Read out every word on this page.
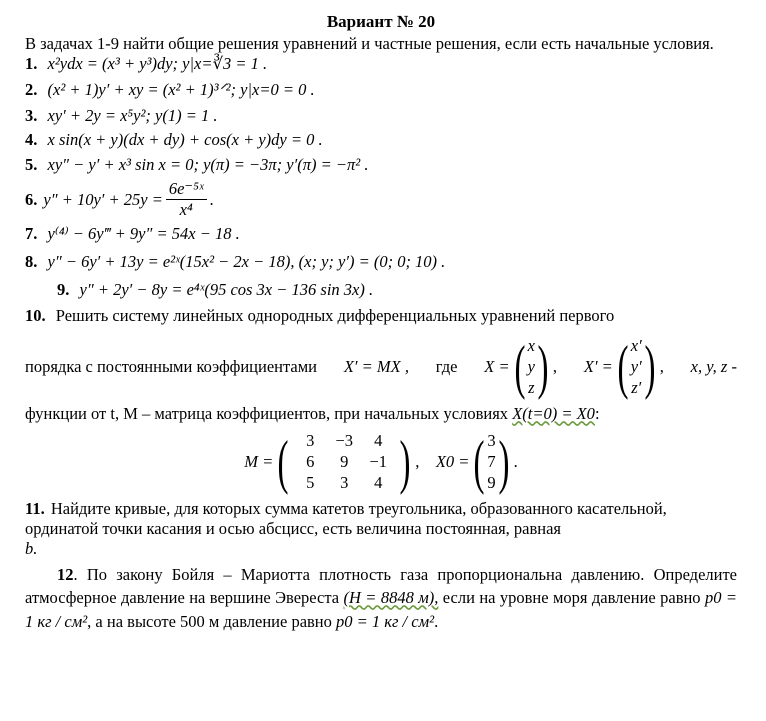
Вариант № 20

В задачах 1-9 найти общие решения уравнений и частные решения, если есть начальные условия.

1. x²ydx = (x³ + y³)dy; y|x=∛3 = 1 .

2. (x² + 1)y′ + xy = (x² + 1)³ᐟ²; y|x=0 = 0 .

3. xy′ + 2y = x⁵y²; y(1) = 1 .

4. x sin(x + y)(dx + dy) + cos(x + y)dy = 0 .

5. xy″ − y′ + x³ sin x = 0; y(π) = −3π; y′(π) = −π² .

6. $y'' + 10y' + 25y = \frac{\text{6e⁻⁵ˣ}}{\text{x⁴}}$ .

7. y⁽⁴⁾ − 6y‴ + 9y″ = 54x − 18 .

8. y″ − 6y′ + 13y = e²ˣ(15x² − 2x − 18), (x; y; y′) = (0; 0; 10) .

9. y″ + 2y′ − 8y = e⁴ˣ(95 cos 3x − 136 sin 3x) .

10. Решить систему линейных однородных дифференциальных уравнений первого

порядка с постоянными коэффициентами X′ = MX , где X = ( x
y
z ) , X′ = ( x′
y′
z′ ) , x, y, z -

функции от t, M – матрица коэффициентов, при начальных условиях X(t=0) = X0:

M = (	3	−3	4
6	9	−1
5	3	4 ) , X0 = ( 3
7
9 ) .

11. Найдите кривые, для которых сумма катетов треугольника, образованного касательной, ординатой точки касания и осью абсцисс, есть величина постоянная, равная
b.

12. По закону Бойля – Мариотта плотность газа пропорциональна давлению. Определите атмосферное давление на вершине Эвереста (H = 8848 м), если на уровне моря давление равно p0 = 1 кг / см², а на высоте 500 м давление равно p0 = 1 кг / см².
